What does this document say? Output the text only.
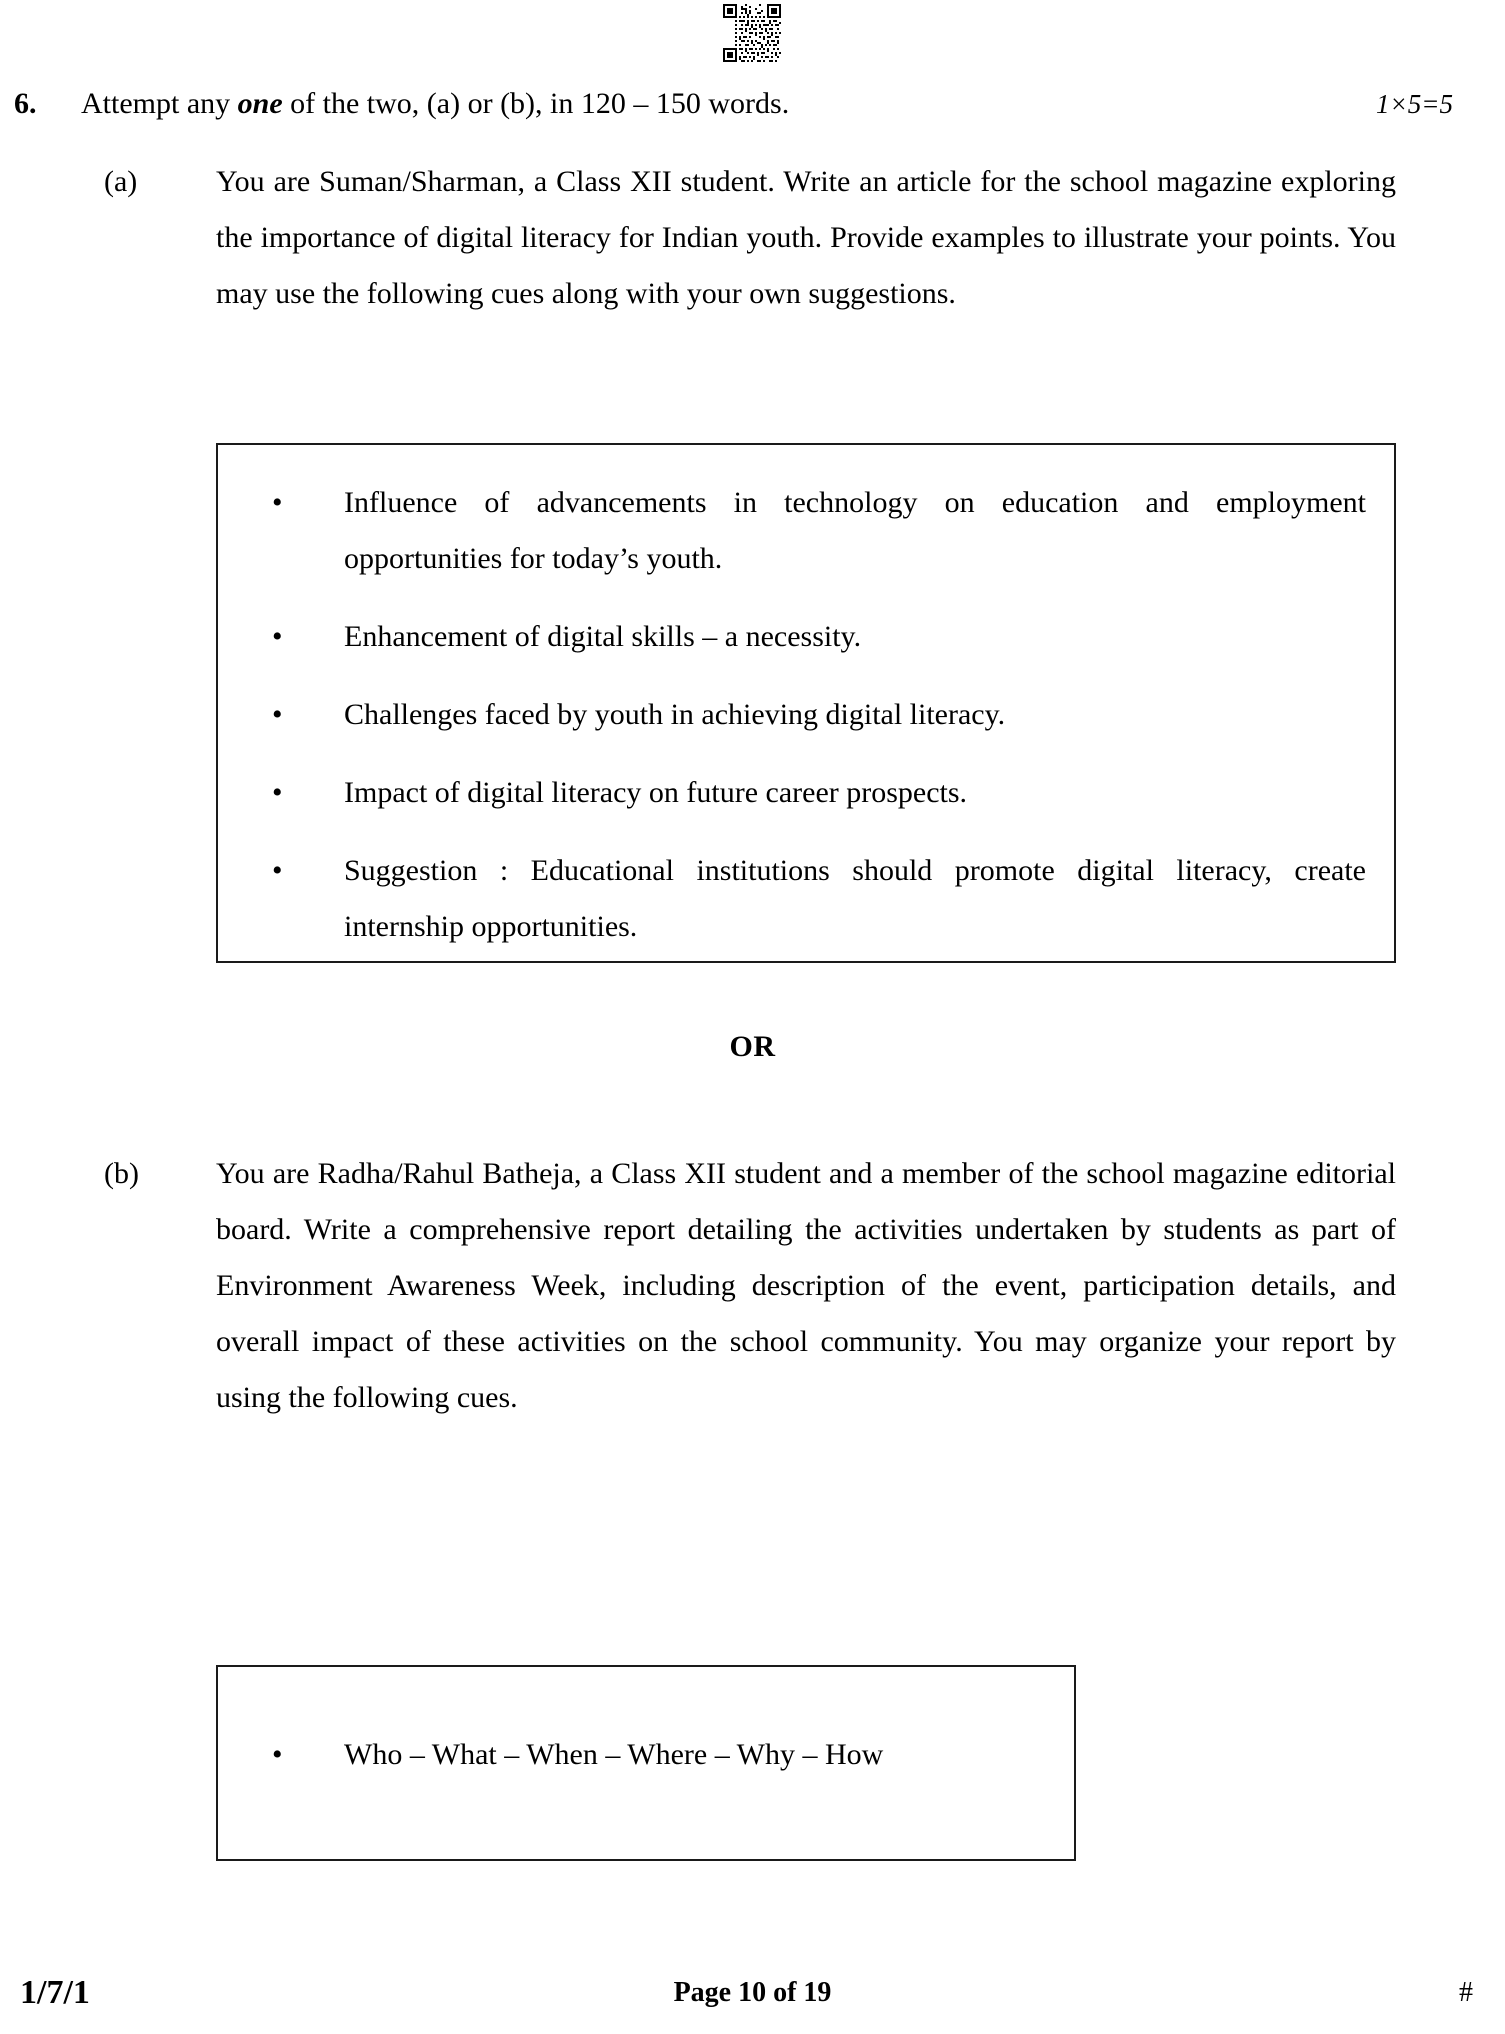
6. Attempt any one of the two, (a) or (b), in 120 – 150 words.	1×5=5
(a)	You are Suman/Sharman, a Class XII student. Write an article for the school magazine exploring the importance of digital literacy for Indian youth. Provide examples to illustrate your points. You may use the following cues along with your own suggestions.

• Influence of advancements in technology on education and employment opportunities for today’s youth.
• Enhancement of digital skills – a necessity.
• Challenges faced by youth in achieving digital literacy.
• Impact of digital literacy on future career prospects.
• Suggestion : Educational institutions should promote digital literacy, create internship opportunities.
OR
(b)	You are Radha/Rahul Batheja, a Class XII student and a member of the school magazine editorial board. Write a comprehensive report detailing the activities undertaken by students as part of Environment Awareness Week, including description of the event, participation details, and overall impact of these activities on the school community. You may organize your report by using the following cues.

• Who – What – When – Where – Why – How
1/7/1	Page 10 of 19	#
